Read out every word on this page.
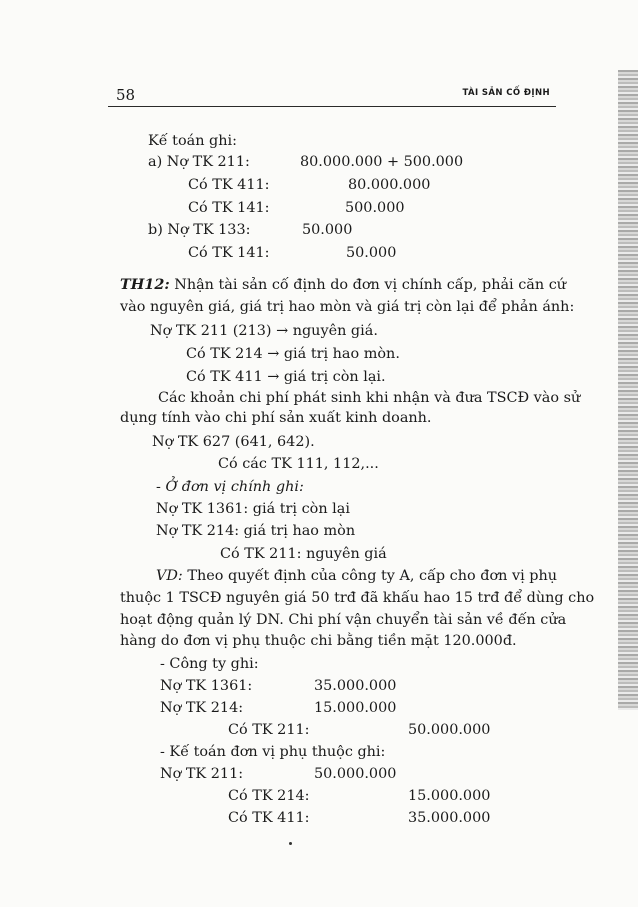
58	TÀI SẢN CỐ ĐỊNH
Kế toán ghi:
a) Nợ TK 211:	80.000.000 + 500.000
Có TK 411:	80.000.000
Có TK 141:	500.000
b) Nợ TK 133:	50.000
Có TK 141:	50.000
TH12: Nhận tài sản cố định do đơn vị chính cấp, phải căn cứ
vào nguyên giá, giá trị hao mòn và giá trị còn lại để phản ánh:
Nợ TK 211 (213) → nguyên giá.
Có TK 214 → giá trị hao mòn.
Có TK 411 → giá trị còn lại.
Các khoản chi phí phát sinh khi nhận và đưa TSCĐ vào sử
dụng tính vào chi phí sản xuất kinh doanh.
Nợ TK 627 (641, 642).
Có các TK 111, 112,...
- Ở đơn vị chính ghi:
Nợ TK 1361: giá trị còn lại
Nợ TK 214: giá trị hao mòn
Có TK 211: nguyên giá
VD: Theo quyết định của công ty A, cấp cho đơn vị phụ
thuộc 1 TSCĐ nguyên giá 50 trđ đã khấu hao 15 trđ để dùng cho
hoạt động quản lý DN. Chi phí vận chuyển tài sản về đến cửa
hàng do đơn vị phụ thuộc chi bằng tiền mặt 120.000đ.
- Công ty ghi:
Nợ TK 1361:	35.000.000
Nợ TK 214:	15.000.000
Có TK 211:	50.000.000
- Kế toán đơn vị phụ thuộc ghi:
Nợ TK 211:	50.000.000
Có TK 214:	15.000.000
Có TK 411:	35.000.000
